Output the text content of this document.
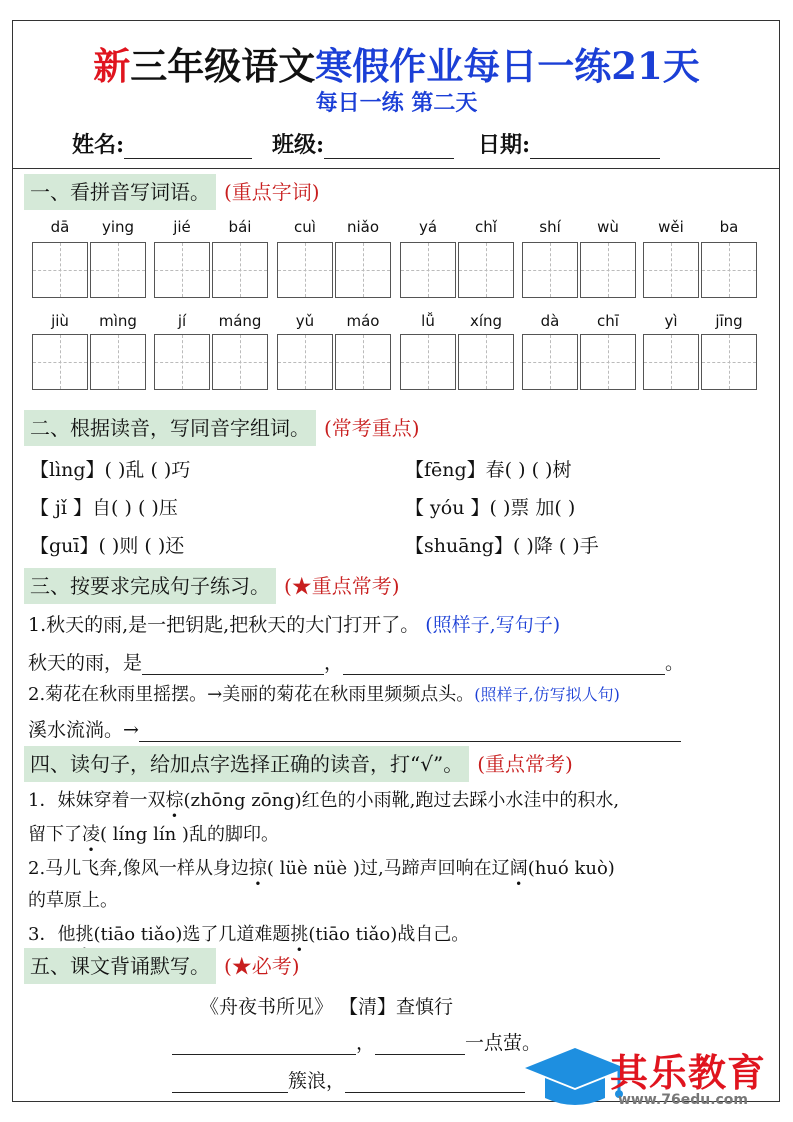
新三年级语文寒假作业每日一练21天
每日一练 第二天
姓名:	班级:	日期:
一、看拼音写词语。 (重点字词)
dā	ying	jié	bái	cuì	niǎo	yá	chǐ	shí	wù	wěi	ba
jiù	mìng	jí	máng	yǔ	máo	lǚ	xíng	dà	chī	yì	jīng
二、根据读音，写同音字组词。 (常考重点)
【lìng】( )乱 ( )巧	【fēng】春( ) ( )树
【 jǐ 】自( ) ( )压	【 yóu 】( )票 加( )
【guī】( )则 ( )还	【shuāng】( )降 ( )手
三、按要求完成句子练习。 (★重点常考)
1.秋天的雨,是一把钥匙,把秋天的大门打开了。 (照样子,写句子)
秋天的雨，是	，	。
2.菊花在秋雨里摇摆。→美丽的菊花在秋雨里频频点头。(照样子,仿写拟人句)
溪水流淌。→
四、读句子，给加点字选择正确的读音，打“√”。 (重点常考)
1．妹妹穿着一双棕(zhōng zōng)红色的小雨靴,跑过去踩小水洼中的积水,
留下了凌( líng lín )乱的脚印。
2.马儿飞奔,像风一样从身边掠( lüè nüè )过,马蹄声回响在辽阔(huó kuò)
的草原上。
3．他挑(tiāo tiǎo)选了几道难题挑(tiāo tiǎo)战自己。
五、课文背诵默写。 (★必考)
《舟夜书所见》 【清】查慎行
，	一点萤。
簇浪，	其乐教育
www.76edu.com
